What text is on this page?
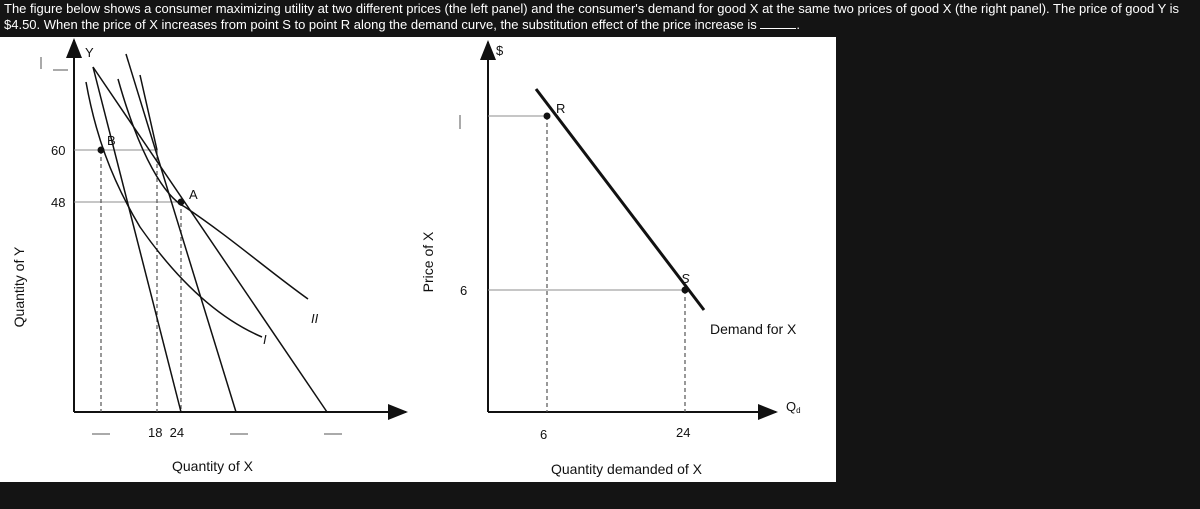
The figure below shows a consumer maximizing utility at two different prices (the left panel) and the consumer's demand for good X at the same two prices of good X (the right panel). The price of good Y is $4.50. When the price of X increases from point S to point R along the demand curve, the substitution effect of the price increase is	.
Y
B
A
60
48
18  24
I
II
Quantity of X
Quantity of Y
$
R
S
6
6	24
Demand for X
Qd
Quantity demanded of X
Price of X
